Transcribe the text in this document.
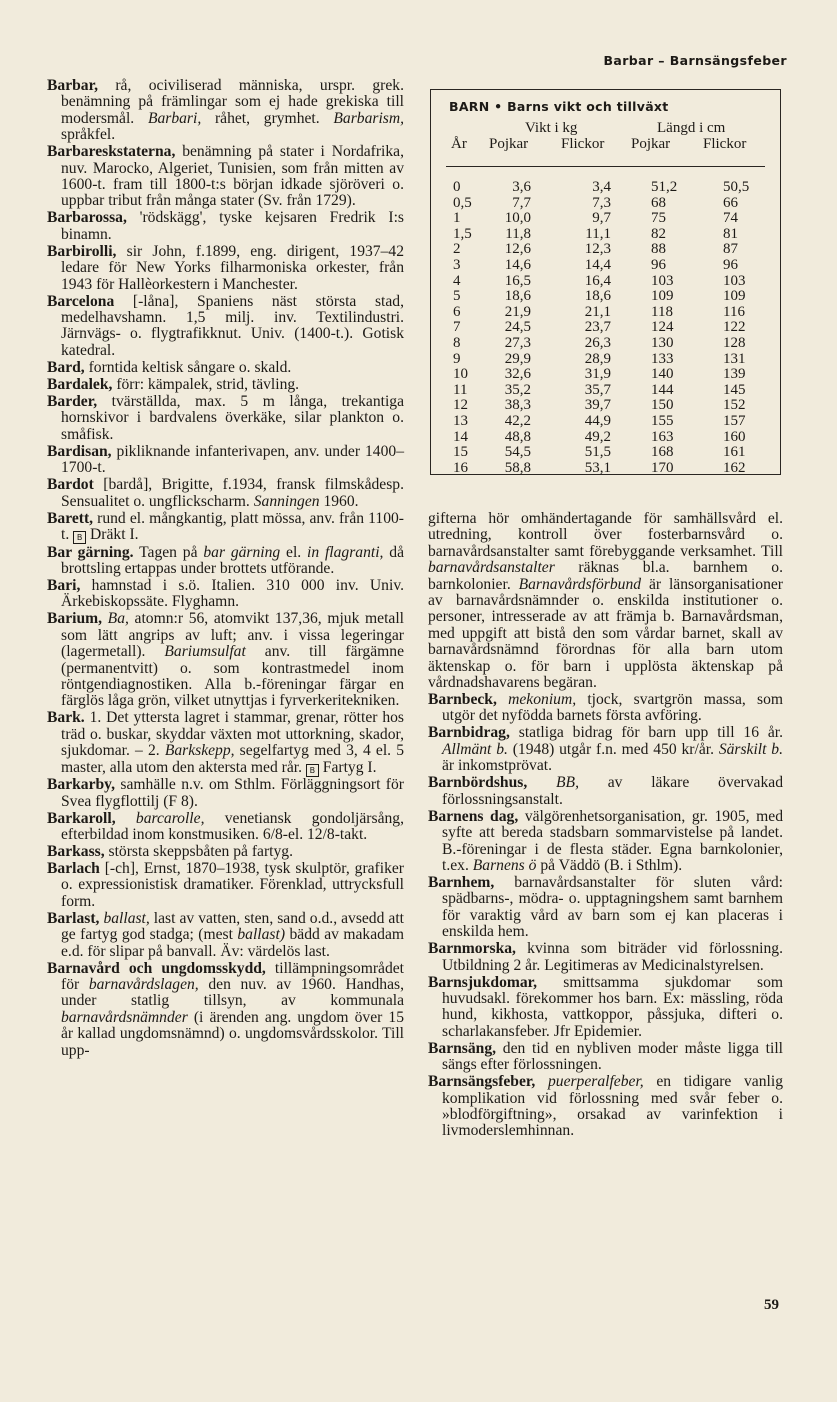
Barbar – Barnsängsfeber
Barbar, rå, ociviliserad människa, urspr. grek. benämning på främlingar som ej hade grekiska till modersmål. Barbari, råhet, grymhet. Barbarism, språkfel.
Barbareskstaterna, benämning på stater i Nordafrika, nuv. Marocko, Algeriet, Tunisien, som från mitten av 1600-t. fram till 1800-t:s början idkade sjöröveri o. uppbar tribut från många stater (Sv. från 1729).
Barbarossa, 'rödskägg', tyske kejsaren Fredrik I:s binamn.
Barbirolli, sir John, f.1899, eng. dirigent, 1937–42 ledare för New Yorks filharmoniska orkester, från 1943 för Hallèorkestern i Manchester.
Barcelona [-låna], Spaniens näst största stad, medelhavshamn. 1,5 milj. inv. Textilindustri. Järnvägs- o. flygtrafikknut. Univ. (1400-t.). Gotisk katedral.
Bard, forntida keltisk sångare o. skald.
Bardalek, förr: kämpalek, strid, tävling.
Barder, tvärställda, max. 5 m långa, trekantiga hornskivor i bardvalens överkäke, silar plankton o. småfisk.
Bardisan, pikliknande infanterivapen, anv. under 1400–1700-t.
Bardot [bardå], Brigitte, f.1934, fransk filmskådesp. Sensualitet o. ungflickscharm. Sanningen 1960.
Barett, rund el. mångkantig, platt mössa, anv. från 1100-t. B Dräkt I.
Bar gärning. Tagen på bar gärning el. in flagranti, då brottsling ertappas under brottets utförande.
Bari, hamnstad i s.ö. Italien. 310 000 inv. Univ. Ärkebiskopssäte. Flyghamn.
Barium, Ba, atomn:r 56, atomvikt 137,36, mjuk metall som lätt angrips av luft; anv. i vissa legeringar (lagermetall). Bariumsulfat anv. till färgämne (permanentvitt) o. som kontrastmedel inom röntgendiagnostiken. Alla b.-föreningar färgar en färglös låga grön, vilket utnyttjas i fyrverkeritekniken.
Bark. 1. Det yttersta lagret i stammar, grenar, rötter hos träd o. buskar, skyddar växten mot uttorkning, skador, sjukdomar. – 2. Barkskepp, segelfartyg med 3, 4 el. 5 master, alla utom den aktersta med rår. B Fartyg I.
Barkarby, samhälle n.v. om Sthlm. Förläggningsort för Svea flygflottilj (F 8).
Barkaroll, barcarolle, venetiansk gondoljärsång, efterbildad inom konstmusiken. 6/8-el. 12/8-takt.
Barkass, största skeppsbåten på fartyg.
Barlach [-ch], Ernst, 1870–1938, tysk skulptör, grafiker o. expressionistisk dramatiker. Förenklad, uttrycksfull form.
Barlast, ballast, last av vatten, sten, sand o.d., avsedd att ge fartyg god stadga; (mest ballast) bädd av makadam e.d. för slipar på banvall. Äv: värdelös last.
Barnavård och ungdomsskydd, tillämpningsområdet för barnavårdslagen, den nuv. av 1960. Handhas, under statlig tillsyn, av kommunala barnavårdsnämnder (i ärenden ang. ungdom över 15 år kallad ungdomsnämnd) o. ungdomsvårdsskolor. Till upp-
BARN • Barns vikt och tillväxt
Vikt i kg	Längd i cm
År Pojkar Flickor Pojkar Flickor
0	3,6	3,4	51,2	50,5
0,5	7,7	7,3	68	66
1	10,0	9,7	75	74
1,5	11,8	11,1	82	81
2	12,6	12,3	88	87
3	14,6	14,4	96	96
4	16,5	16,4	103	103
5	18,6	18,6	109	109
6	21,9	21,1	118	116
7	24,5	23,7	124	122
8	27,3	26,3	130	128
9	29,9	28,9	133	131
10	32,6	31,9	140	139
11	35,2	35,7	144	145
12	38,3	39,7	150	152
13	42,2	44,9	155	157
14	48,8	49,2	163	160
15	54,5	51,5	168	161
16	58,8	53,1	170	162
gifterna hör omhändertagande för samhällsvård el. utredning, kontroll över fosterbarnsvård o. barnavårdsanstalter samt förebyggande verksamhet. Till barnavårdsanstalter räknas bl.a. barnhem o. barnkolonier. Barnavårdsförbund är länsorganisationer av barnavårdsnämnder o. enskilda institutioner o. personer, intresserade av att främja b. Barnavårdsman, med uppgift att bistå den som vårdar barnet, skall av barnavårdsnämnd förordnas för alla barn utom äktenskap o. för barn i upplösta äktenskap på vårdnadshavarens begäran.
Barnbeck, mekonium, tjock, svartgrön massa, som utgör det nyfödda barnets första avföring.
Barnbidrag, statliga bidrag för barn upp till 16 år. Allmänt b. (1948) utgår f.n. med 450 kr/år. Särskilt b. är inkomstprövat.
Barnbördshus, BB, av läkare övervakad förlossningsanstalt.
Barnens dag, välgörenhetsorganisation, gr. 1905, med syfte att bereda stadsbarn sommarvistelse på landet. B.-föreningar i de flesta städer. Egna barnkolonier, t.ex. Barnens ö på Väddö (B. i Sthlm).
Barnhem, barnavårdsanstalter för sluten vård: spädbarns-, mödra- o. upptagningshem samt barnhem för varaktig vård av barn som ej kan placeras i enskilda hem.
Barnmorska, kvinna som biträder vid förlossning. Utbildning 2 år. Legitimeras av Medicinalstyrelsen.
Barnsjukdomar, smittsamma sjukdomar som huvudsakl. förekommer hos barn. Ex: mässling, röda hund, kikhosta, vattkoppor, påssjuka, difteri o. scharlakansfeber. Jfr Epidemier.
Barnsäng, den tid en nybliven moder måste ligga till sängs efter förlossningen.
Barnsängsfeber, puerperalfeber, en tidigare vanlig komplikation vid förlossning med svår feber o. »blodförgiftning», orsakad av varinfektion i livmoderslemhinnan.
59
